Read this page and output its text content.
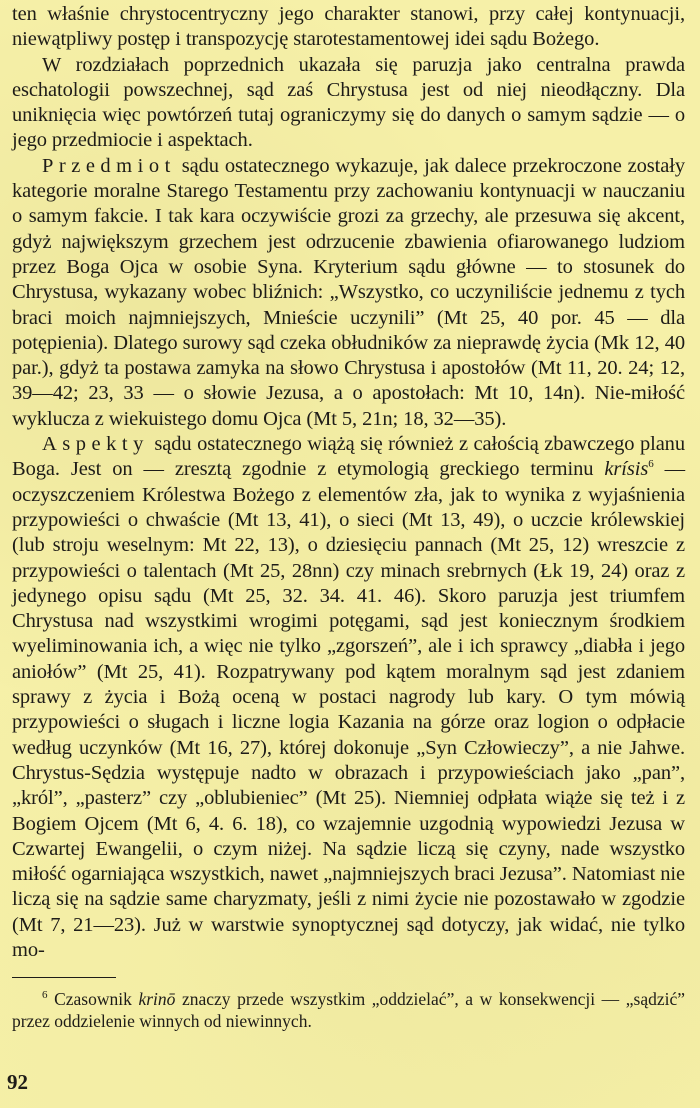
ten właśnie chrystocentryczny jego charakter stanowi, przy całej kontynuacji, niewątpliwy postęp i transpozycję starotestamentowej idei sądu Bożego.

W rozdziałach poprzednich ukazała się paruzja jako centralna prawda eschatologii powszechnej, sąd zaś Chrystusa jest od niej nieodłączny. Dla uniknięcia więc powtórzeń tutaj ograniczymy się do danych o samym sądzie — o jego przedmiocie i aspektach.

Przedmiot sądu ostatecznego wykazuje, jak dalece przekroczone zostały kategorie moralne Starego Testamentu przy zachowaniu kontynuacji w nauczaniu o samym fakcie. I tak kara oczywiście grozi za grzechy, ale przesuwa się akcent, gdyż największym grzechem jest odrzucenie zbawienia ofiarowanego ludziom przez Boga Ojca w osobie Syna. Kryterium sądu główne — to stosunek do Chrystusa, wykazany wobec bliźnich: „Wszystko, co uczyniliście jednemu z tych braci moich najmniejszych, Mnieście uczynili” (Mt 25, 40 por. 45 — dla potępienia). Dlatego surowy sąd czeka obłudników za nieprawdę życia (Mk 12, 40 par.), gdyż ta postawa zamyka na słowo Chrystusa i apostołów (Mt 11, 20. 24; 12, 39—42; 23, 33 — o słowie Jezusa, a o apostołach: Mt 10, 14n). Nie-miłość wyklucza z wiekuistego domu Ojca (Mt 5, 21n; 18, 32—35).

Aspekty sądu ostatecznego wiążą się również z całością zbawczego planu Boga. Jest on — zresztą zgodnie z etymologią greckiego terminu krísis$^6$ — oczyszczeniem Królestwa Bożego z elementów zła, jak to wynika z wyjaśnienia przypowieści o chwaście (Mt 13, 41), o sieci (Mt 13, 49), o uczcie królewskiej (lub stroju weselnym: Mt 22, 13), o dziesięciu pannach (Mt 25, 12) wreszcie z przypowieści o talentach (Mt 25, 28nn) czy minach srebrnych (Łk 19, 24) oraz z jedynego opisu sądu (Mt 25, 32. 34. 41. 46). Skoro paruzja jest triumfem Chrystusa nad wszystkimi wrogimi potęgami, sąd jest koniecznym środkiem wyeliminowania ich, a więc nie tylko „zgorszeń”, ale i ich sprawcy „diabła i jego aniołów” (Mt 25, 41). Rozpatrywany pod kątem moralnym sąd jest zdaniem sprawy z życia i Bożą oceną w postaci nagrody lub kary. O tym mówią przypowieści o sługach i liczne logia Kazania na górze oraz logion o odpłacie według uczynków (Mt 16, 27), której dokonuje „Syn Człowieczy”, a nie Jahwe. Chrystus-Sędzia występuje nadto w obrazach i przypowieściach jako „pan”, „król”, „pasterz” czy „oblubieniec” (Mt 25). Niemniej odpłata wiąże się też i z Bogiem Ojcem (Mt 6, 4. 6. 18), co wzajemnie uzgodnią wypowiedzi Jezusa w Czwartej Ewangelii, o czym niżej. Na sądzie liczą się czyny, nade wszystko miłość ogarniająca wszystkich, nawet „najmniejszych braci Jezusa”. Natomiast nie liczą się na sądzie same charyzmaty, jeśli z nimi życie nie pozostawało w zgodzie (Mt 7, 21—23). Już w warstwie synoptycznej sąd dotyczy, jak widać, nie tylko mo-

$^6$ Czasownik krinō znaczy przede wszystkim „oddzielać”, a w konsekwencji — „sądzić” przez oddzielenie winnych od niewinnych.

92
